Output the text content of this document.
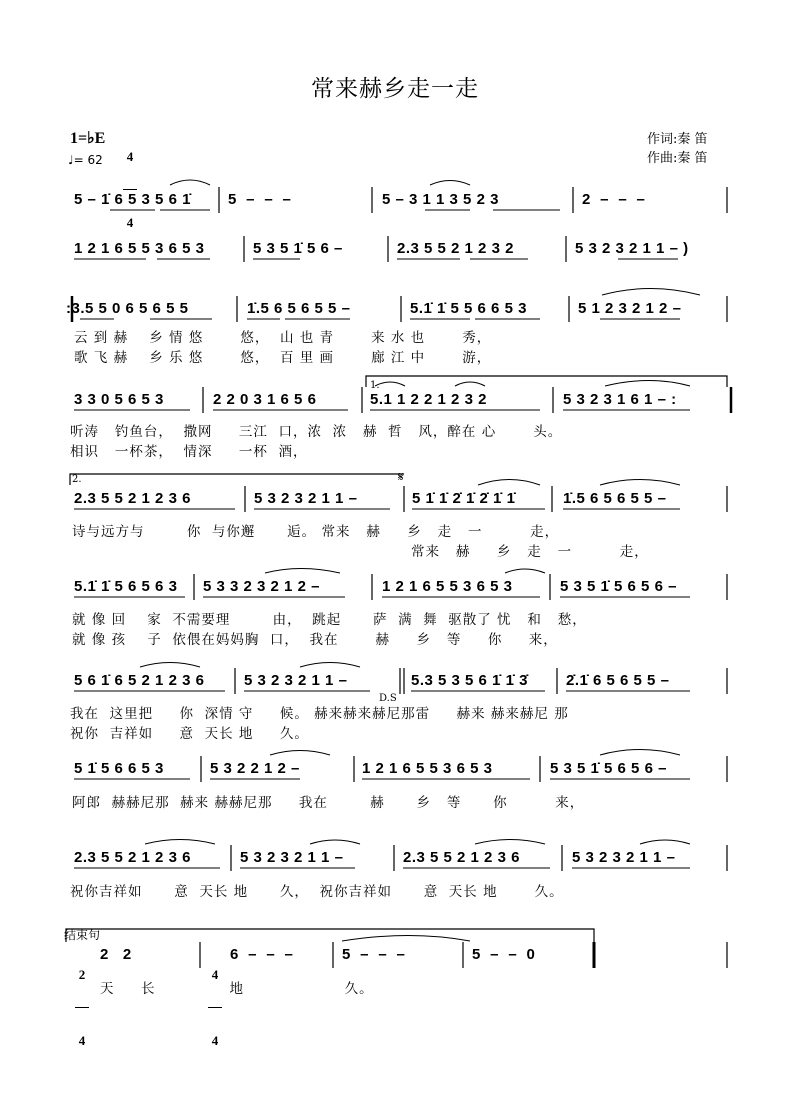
常来赫乡走一走
1=♭E

4

4

♩= 62
作词:秦 笛
作曲:秦 笛
5 – 1̇ 6 5 3 5 6 1̇ 5  –  –  –	5 – 3 1 1 3 5 2 3	2  –  –  –
1 2 1 6 5 5 3 6 5 3	5 3 5 1̇ 5 6 –	2.3 5 5 2 1 2 3 2	5 3 2 3 2 1 1 – )
:3.5 5 0 6 5 6 5 5	1̇.5 6 5 6 5 5 –	5.1̇ 1̇ 5 5 6 6 5 3	5 1 2 3 2 1 2 –
云 到 赫    乡 情 悠       悠，  山 也 青       来 水 也       秀，
歌 飞 赫    乡 乐 悠       悠，  百 里 画       廊 江 中       游，
3 3 0 5 6 5 3	2 2 0 3 1 6 5 6	5.1 1 2 2 1 2 3 2	5 3 2 3 1 6 1 – :
听涛   钓鱼台，  撒网     三江  口，浓  浓   赫  哲   风，醉在 心       头。
相识   一杯茶，  情深     一杯  酒，
2.3 5 5 2 1 2 3 6	5 3 2 3 2 1 1 –	5 1̇ 1̇ 2̇ 1̇ 2̇ 1̇ 1̇	1̇.5 6 5 6 5 5 –
诗与远方与        你  与你邂      逅。 常来   赫     乡   走   一         走，
常来   赫     乡   走   一         走，
5.1̇ 1̇ 5 6 5 6 3 5 3 3 2 3 2 1 2 –	1 2 1 6 5 5 3 6 5 3	5 3 5 1̇ 5 6 5 6 –
就 像 回    家  不需要理        由，  跳起      萨  满  舞  驱散了 忧   和   愁，
就 像 孩    子  依偎在妈妈胸  口，  我在       赫     乡   等     你     来，
5 6 1̇ 6 5 2 1 2 3 6	5 3 2 3 2 1 1 –	5.3 5 3 5 6 1̇ 1̇ 3̇	2̇.1̇ 6 5 6 5 5 –
我在  这里把     你  深情 守     候。 赫来赫来赫尼那雷     赫来 赫来赫尼 那
祝你  吉祥如     意  天长 地     久。
5 1̇ 5 6 6 5 3	5 3 2 2 1 2 –	1 2 1 6 5 5 3 6 5 3	5 3 5 1̇ 5 6 5 6 –
阿郎  赫赫尼那  赫来 赫赫尼那     我在        赫      乡   等      你         来，
2.3 5 5 2 1 2 3 6	5 3 2 3 2 1 1 –	2.3 5 5 2 1 2 3 6	5 3 2 3 2 1 1 –
祝你吉祥如      意  天长 地      久，  祝你吉祥如      意  天长 地       久。
结束句

2

4

2   2

4

4

6  –  –  –	5  –  –  –	5  –  –  0
天     长              地                   久。
D.S
𝄋
1.
2.
